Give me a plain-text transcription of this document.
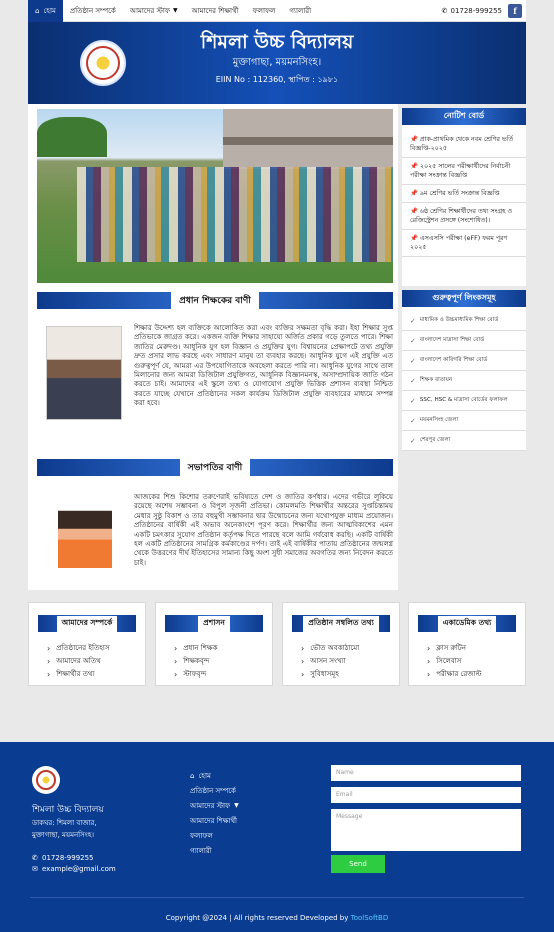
⌂ হোম প্রতিষ্ঠান সম্পর্কে আমাদের স্টাফ ▼ আমাদের শিক্ষার্থী ফলাফল গ্যালারী	✆ 01728-999255	f
শিমলা উচ্চ বিদ্যালয়
মুক্তাগাছা, ময়মনসিংহ।
EIIN No : 112360, স্থাপিত : ১৯৮১
প্রধান শিক্ষকের বাণী
শিক্ষার উদ্দেশ্য হল ব্যক্তিকে আলোকিত করা এবং ব্যক্তির সক্ষমতা বৃদ্ধি করা। ইহা শিক্ষার সুপ্ত প্রতিভাকে জাগ্রত করে। একজন ব্যক্তি শিক্ষার সাহায্যে অর্জিত প্রকার গড়ে তুলতে পারে। শিক্ষা জাতির মেরুদণ্ড। আধুনিক যুগ হল বিজ্ঞান ও প্রযুক্তির যুগ। বিশ্বায়নের প্রেক্ষাপটে তথ্য প্রযুক্তি দ্রুত প্রসার লাভ করছে এবং সাধারণ মানুষ তা ব্যবহার করছে। আধুনিক যুগে এই প্রযুক্তি এত গুরুত্বপূর্ণ যে, আমরা এর উপযোগিতাকে অবহেলা করতে পারি না। আধুনিক যুগের সাথে তাল মিলানোর জন্য আমরা ডিজিটাল প্রযুক্তিগত, আধুনিক বিজ্ঞানমনস্ক, অসাম্প্রদায়িক জাতি গঠন করতে চাই। আমাদের এই স্কুলে তথ্য ও যোগাযোগ প্রযুক্তি ভিত্তিক প্রশাসন ব্যবস্থা নিশ্চিত করতে যাচ্ছে যেখানে প্রতিষ্ঠানের সকল কার্যক্রম ডিজিটাল প্রযুক্তি ব্যবহারের মাধ্যমে সম্পন্ন করা হবে।
সভাপতির বাণী
আজকের শিশু কিশোর তরুণেরাই ভবিষ্যতে দেশ ও জাতির কর্ণধার। এদের গভীরে লুকিয়ে রয়েছে অশেষ সম্ভাবনা ও বিপুল সৃজনী প্রতিভা। কোমলমতি শিক্ষার্থীর অন্তরের সুপ্তচিন্তাময় মেধার সুষ্ঠু বিকাশ ও তার বহুমুখী সম্ভাবনার দ্বার উন্মোচনের জন্য যথোপযুক্ত মাধ্যম প্রয়োজন। প্রতিষ্ঠানের বার্ষিকী এই অভাব অনেকাংশে পূরণ করে। শিক্ষার্থীর জন্য আত্মবিকাশের এমন একটি চমৎকার সুযোগ প্রতিষ্ঠান কর্তৃপক্ষ দিতে পারছে বলে আমি গর্ববোধ করছি। একটি বার্ষিকী হল একটি প্রতিষ্ঠানের সামগ্রিক কর্মকাণ্ডের দর্পণ। তাই এই বার্ষিকীর পাতায় প্রতিষ্ঠানের জন্মলগ্ন থেকে উত্তরণের দীর্ঘ ইতিহাসের সামান্য কিছু অংশ সুধী সমাজের অবগতির জন্য নিবেদন করতে চাই।
নোটিশ বোর্ড
📌 প্রাক-প্রাথমিক থেকে নবম শ্রেণির ভর্তি বিজ্ঞপ্তি-২০২৫
📌 ২০২৫ সালের পরীক্ষার্থীদের নির্বাচনী পরীক্ষা সংক্রান্ত বিজ্ঞপ্তি
📌 ৯ম শ্রেণির ভর্তি সংক্রান্ত বিজ্ঞপ্তি
📌 ৬ষ্ঠ শ্রেণির শিক্ষার্থীদের তথ্য সংগ্রহ ও রেজিস্ট্রেশন প্রসঙ্গে (সংশোধিত)।
📌 এসএসসি পরীক্ষা (eFF) ফরম পূরণ ২০২৫
গুরুত্বপূর্ণ লিংকসমূহ
✓ মাধ্যমিক ও উচ্চমাধ্যমিক শিক্ষা বোর্ড
✓ বাংলাদেশ মাদ্রাসা শিক্ষা বোর্ড
✓ বাংলাদেশ কারিগরি শিক্ষা বোর্ড
✓ শিক্ষক বাতায়ন
✓ SSC, HSC & মাদ্রাসা বোর্ডের ফলাফল
✓ ময়মনসিংহ জেলা
✓ শেরপুর জেলা
আমাদের সম্পর্কে
› প্রতিষ্ঠানের ইতিহাস
› আমাদের অতিথ
› শিক্ষার্থীর তথ্য
প্রশাসন
› প্রধান শিক্ষক
› শিক্ষকবৃন্দ
› স্টাফবৃন্দ
প্রতিষ্ঠান সম্বলিত তথ্য
› ভৌত অবকাঠামো
› আসন সংখ্যা
› সুবিধাসমূহ
একাডেমিক তথ্য
› ক্লাস রুটিন
› সিলেবাস
› পরীক্ষার রেজাল্ট
শিমলা উচ্চ বিদ্যালয়
ডাকঘর: শিমলা বাজার,
মুক্তাগাছা, ময়মনসিংহ।
✆ 01728-999255
✉ example@gmail.com
⌂ হোম
প্রতিষ্ঠান সম্পর্কে
আমাদের স্টাফ ▼
আমাদের শিক্ষার্থী
ফলাফল
গ্যালারী
Name
Email
Message
Send
Copyright @2024 | All rights reserved Developed by ToolSoftBD
